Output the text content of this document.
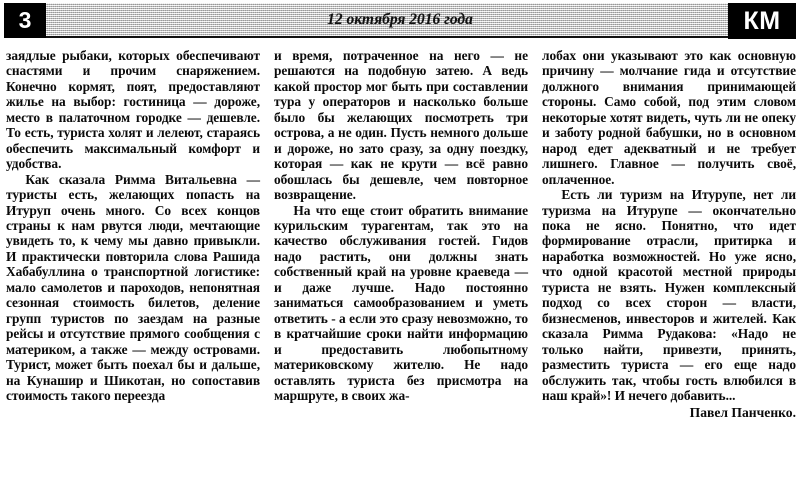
3	12 октября 2016 года	КМ

заядлые рыбаки, которых обеспечивают снастями и прочим снаряжением. Конечно кормят, поят, предоставляют жилье на выбор: гостиница — дороже, место в палаточном городке — дешевле. То есть, туриста холят и лелеют, стараясь обеспечить максимальный комфорт и удобства.

Как сказала Римма Витальевна — туристы есть, желающих попасть на Итуруп очень много. Со всех концов страны к нам рвутся люди, мечтающие увидеть то, к чему мы давно привыкли. И практически повторила слова Рашида Хабабуллина о транспортной логистике: мало самолетов и пароходов, непонятная сезонная стоимость билетов, деление групп туристов по заездам на разные рейсы и отсутствие прямого сообщения с материком, а также — между островами. Турист, может быть поехал бы и дальше, на Кунашир и Шикотан, но сопоставив стоимость такого переезда

и время, потраченное на него — не решаются на подобную затею. А ведь какой простор мог быть при составлении тура у операторов и насколько больше было бы желающих посмотреть три острова, а не один. Пусть немного дольше и дороже, но зато сразу, за одну поездку, которая — как не крути — всё равно обошлась бы дешевле, чем повторное возвращение.

На что еще стоит обратить внимание курильским турагентам, так это на качество обслуживания гостей. Гидов надо растить, они должны знать собственный край на уровне краеведа — и даже лучше. Надо постоянно заниматься самообразованием и уметь ответить - а если это сразу невозможно, то в кратчайшие сроки найти информацию и предоставить любопытному материковскому жителю. Не надо оставлять туриста без присмотра на маршруте, в своих жа-

лобах они указывают это как основную причину — молчание гида и отсутствие должного внимания принимающей стороны. Само собой, под этим словом некоторые хотят видеть, чуть ли не опеку и заботу родной бабушки, но в основном народ едет адекватный и не требует лишнего. Главное — получить своё, оплаченное.

Есть ли туризм на Итурупе, нет ли туризма на Итурупе — окончательно пока не ясно. Понятно, что идет формирование отрасли, притирка и наработка возможностей. Но уже ясно, что одной красотой местной природы туриста не взять. Нужен комплексный подход со всех сторон — власти, бизнесменов, инвесторов и жителей. Как сказала Римма Рудакова: «Надо не только найти, привезти, принять, разместить туриста — его еще надо обслужить так, чтобы гость влюбился в наш край»! И нечего добавить...

Павел Панченко.
